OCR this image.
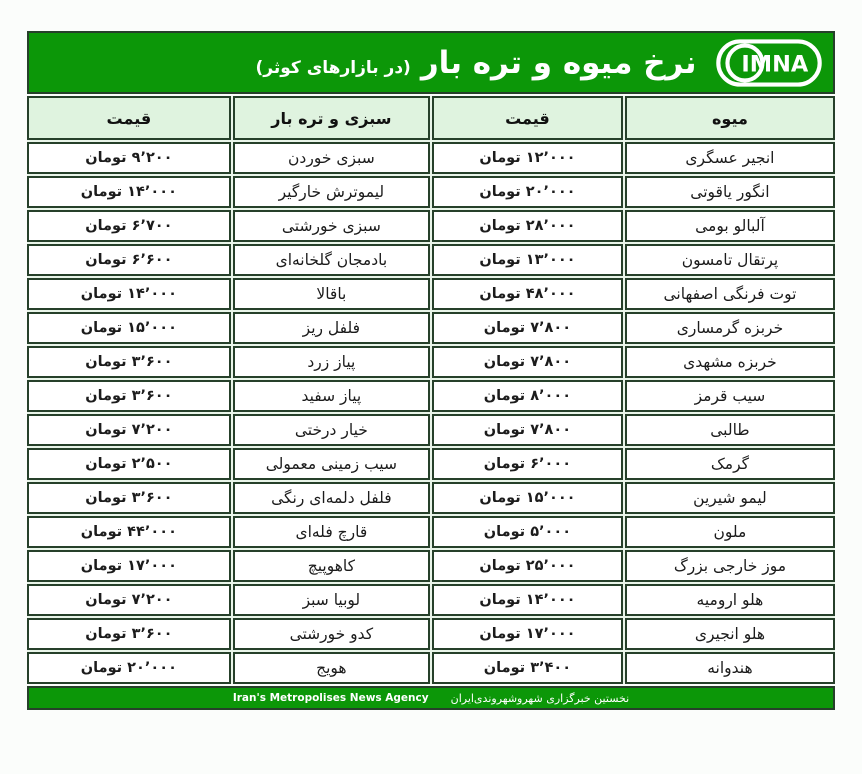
نرخ میوه و تره بار
(در بازارهای کوثر)	IMNA
میوه
قیمت
سبزی و تره بار
قیمت
انجیر عسگری
۱۲٬۰۰۰ تومان
سبزی خوردن
۹٬۲۰۰ تومان
انگور یاقوتی
۲۰٬۰۰۰ تومان
لیموترش خارگیر
۱۴٬۰۰۰ تومان
آلبالو بومی
۲۸٬۰۰۰ تومان
سبزی خورشتی
۶٬۷۰۰ تومان
پرتقال تامسون
۱۳٬۰۰۰ تومان
بادمجان گلخانه‌ای
۶٬۶۰۰ تومان
توت فرنگی اصفهانی
۴۸٬۰۰۰ تومان
باقالا
۱۴٬۰۰۰ تومان
خربزه گرمساری
۷٬۸۰۰ تومان
فلفل ریز
۱۵٬۰۰۰ تومان
خربزه مشهدی
۷٬۸۰۰ تومان
پیاز زرد
۳٬۶۰۰ تومان
سیب قرمز
۸٬۰۰۰ تومان
پیاز سفید
۳٬۶۰۰ تومان
طالبی
۷٬۸۰۰ تومان
خیار درختی
۷٬۲۰۰ تومان
گرمک
۶٬۰۰۰ تومان
سیب زمینی معمولی
۲٬۵۰۰ تومان
لیمو شیرین
۱۵٬۰۰۰ تومان
فلفل دلمه‌ای رنگی
۳٬۶۰۰ تومان
ملون
۵٬۰۰۰ تومان
قارچ فله‌ای
۴۴٬۰۰۰ تومان
موز خارجی بزرگ
۲۵٬۰۰۰ تومان
کاهوپیچ
۱۷٬۰۰۰ تومان
هلو ارومیه
۱۴٬۰۰۰ تومان
لوبیا سبز
۷٬۲۰۰ تومان
هلو انجیری
۱۷٬۰۰۰ تومان
کدو خورشتی
۳٬۶۰۰ تومان
هندوانه
۳٬۴۰۰ تومان
هویج
۲۰٬۰۰۰ تومان
Iran's Metropolises News Agency نخستین خبرگزاری شهروشهروندی‌ایران
